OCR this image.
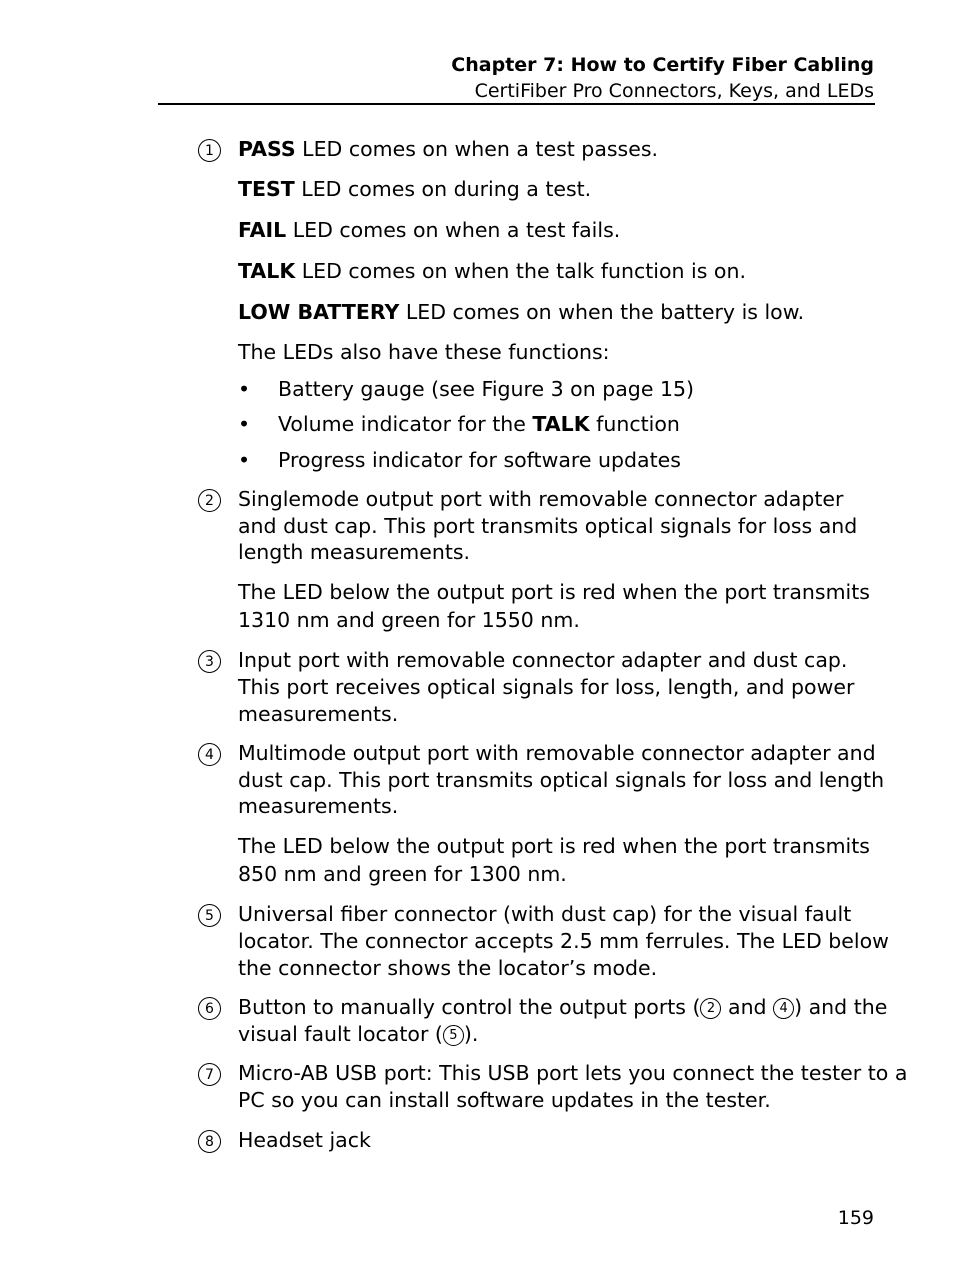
Chapter 7: How to Certify Fiber Cabling
CertiFiber Pro Connectors, Keys, and LEDs
1	PASS LED comes on when a test passes.
TEST LED comes on during a test.
FAIL LED comes on when a test fails.
TALK LED comes on when the talk function is on.
LOW BATTERY LED comes on when the battery is low.
The LEDs also have these functions:
• Battery gauge (see Figure 3 on page 15)
• Volume indicator for the TALK function
• Progress indicator for software updates
2	Singlemode output port with removable connector adapter
and dust cap. This port transmits optical signals for loss and
length measurements.
The LED below the output port is red when the port transmits
1310 nm and green for 1550 nm.
3	Input port with removable connector adapter and dust cap.
This port receives optical signals for loss, length, and power
measurements.
4	Multimode output port with removable connector adapter and
dust cap. This port transmits optical signals for loss and length
measurements.
The LED below the output port is red when the port transmits
850 nm and green for 1300 nm.
5	Universal fiber connector (with dust cap) for the visual fault
locator. The connector accepts 2.5 mm ferrules. The LED below
the connector shows the locator’s mode.
6	Button to manually control the output ports ( 2 and 4 ) and the
visual fault locator ( 5 ).
7	Micro-AB USB port: This USB port lets you connect the tester to a
PC so you can install software updates in the tester.
8	Headset jack
159
